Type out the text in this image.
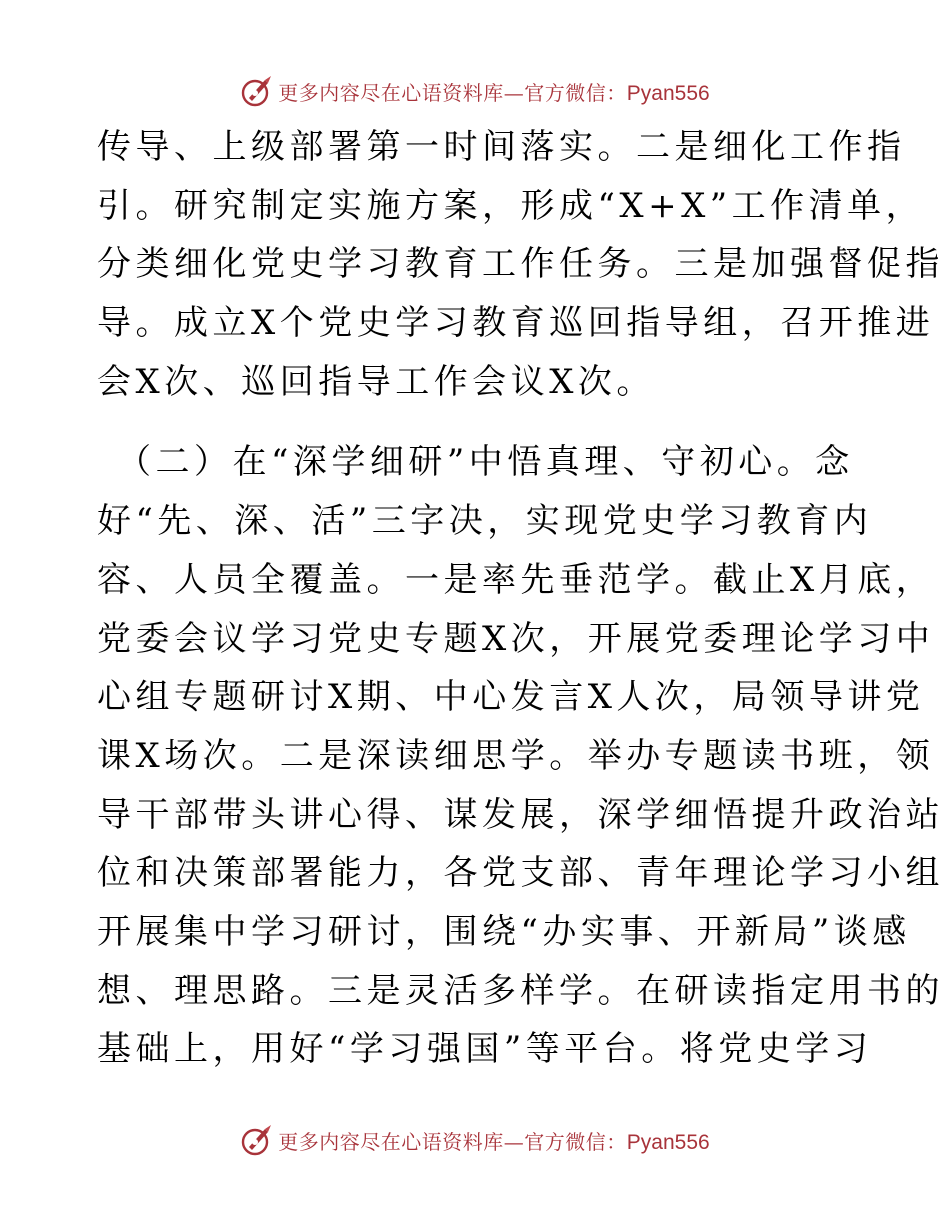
更多内容尽在心语资料库—官方微信：Pyan556
传导、上级部署第一时间落实。二是细化工作指
引。研究制定实施方案，形成“X+X”工作清单，
分类细化党史学习教育工作任务。三是加强督促指
导。成立X个党史学习教育巡回指导组，召开推进
会X次、巡回指导工作会议X次。
（二）在“深学细研”中悟真理、守初心。念
好“先、深、活”三字决，实现党史学习教育内
容、人员全覆盖。一是率先垂范学。截止X月底，
党委会议学习党史专题X次，开展党委理论学习中
心组专题研讨X期、中心发言X人次，局领导讲党
课X场次。二是深读细思学。举办专题读书班，领
导干部带头讲心得、谋发展，深学细悟提升政治站
位和决策部署能力，各党支部、青年理论学习小组
开展集中学习研讨，围绕“办实事、开新局”谈感
想、理思路。三是灵活多样学。在研读指定用书的
基础上，用好“学习强国”等平台。将党史学习
更多内容尽在心语资料库—官方微信：Pyan556
